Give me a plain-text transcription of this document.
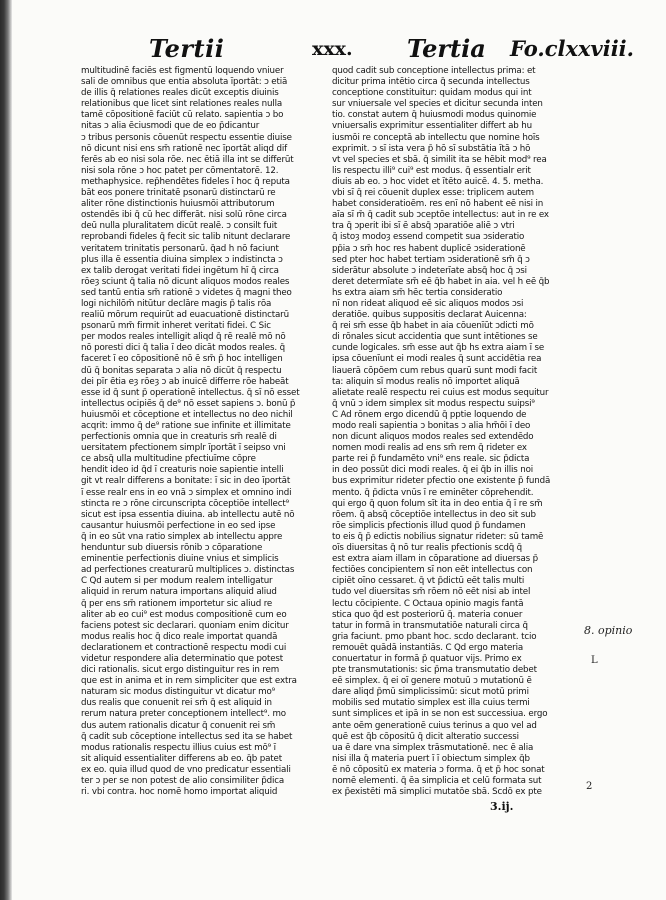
Tertii	xxx. Tertia Fo.clxxviii.
multitudinē faciēs est figmentū loquendo vniuer
sali de omnibus que entia absoluta īportāt: ↄ etiā
de illis q̄ relationes reales dicūt exceptis diuinis
relationibus que licet sint relationes reales nulla
tamē cōpositionē faciūt cū relato. sapientia ↄ bo
nitas ↄ alia ēciusmodi que de eo p̄dicantur
ↄ tribus personis cōuenūt respectu essentie diuise
nō dicunt nisi ens sm̄ rationē nec īportāt aliqd dif
ferēs ab eo nisi sola rōe. nec ētiā illa int se differūt
nisi sola rōne ↄ hoc patet per cōmentatorē. 12.
methaphysice. rep̄hendētes fideles ī hoc q̄ reputa
bāt eos ponere trinitatē psonarū distinctarū re
aliter rōne distinctionis huiusmōi attributorum
ostendēs ibi q̄ cū hec differāt. nisi solū rōne circa
deū nulla pluralitatem dicūt realē. ↄ consilt fuit
reprobandi fideles q̄ fecit sic talib̄ nitunt declarare
veritatem trinitatis personarū. q̄ad h̄ nō faciunt
plus illa ē essentia diuina simplex ↄ indistincta ↄ
ex talib̄ derogat veritati fidei ingētum hī q̄ circa
rōeȝ sciunt q̄ talia nō dicunt aliquos modos reales
sed tantū entia sm̄ rationē ↄ videtes q̄ magni theo
logi nichilōm̄ nitūtur declāre magis p̄ talis rōa
realiū mōrum requirūt ad euacuationē distinctarū
psonarū mm̄ firmit inheret veritati fidei. C Sic
per modos reales intelligit aliqd q̄ rē realē mō nō
nō poresti dici q̄ talia ī deo dicāt modos reales. q̄
faceret ī eo cōpositionē nō ē sm̄ p̄ hoc intelligen
dū q̄ bonitas separata ↄ alia nō dicūt q̄ respectu
dei pīr ētia eȝ rōeȝ ↄ ab inuicē differre rōe habeāt
esse id q̄ sunt p̄ operationē intellectus. q̄ sī nō esset
intellectus ocipiēs q̄ de⁹ nō esset sapiens ↄ. bonū p̄
huiusmōi et cōceptione et intellectus no deo nichil
acqrit: immo q̄ de⁹ ratione sue infinite et illimitate
perfectionis omnia que in creaturis sm̄ realē di
uersitatem pfectionem simplr īportāt ī seipso vni
ce absq̄ ulla multitudine pfectiuīme cōpre
hendit ideo id q̄d ī creaturis noie sapientie intelli
git vt realr differens a bonitate: ī sic in deo īportāt
ī esse realr ens in eo vnā ↄ simplex et omnino indi
stincta re ↄ rōne circunscripta cōceptiōe intellect⁹
sicut est ipsa essentia diuina. ab intellectu autē nō
causantur huiusmōi perfectione in eo sed ipse
q̄ in eo sūt vna ratio simplex ab intellectu appre
henduntur sub diuersis rōnib̄ ↄ cōparatione
eminentie perfectionis diuine vnius et simplicis
ad perfectiones creaturarū multiplices ↄ. distinctas
C Qd̄ autem si per modum realem intelligatur
aliquid in rerum natura importans aliquid aliud
q̄ per ens sm̄ rationem importetur sic aliud re
aliter ab eo cui⁹ est modus compositionē cum eo
faciens potest sic declarari. quoniam enim dicitur
modus realis hoc q̄ dico reale importat quandā
declarationem et contractionē respectu modi cui
videtur respondere alia determinatio que potest
dici rationalis. sicut ergo distinguitur res in rem
que est in anima et in rem simpliciter que est extra
naturam sic modus distinguitur vt dicatur mo⁹
dus realis que conuenit rei sm̄ q̄ est aliquid in
rerum natura preter conceptionem intellect⁹. mo
dus autem rationalis dicatur q̄ conuenit rei sm̄
q̄ cadit sub cōceptione intellectus sed ita se habet
modus rationalis respectu illius cuius est mō⁹ ī
sit aliquid essentialiter differens ab eo. q̄b patet
ex eo. quia illud quod de vno predicatur essentiali
ter ↄ per se non potest de alio consimiliter p̄dica
ri. vbi contra. hoc nomē homo importat aliquid
quod cadit sub conceptione intellectus prima: et
dicitur prima intētio circa q̄ secunda intellectus
conceptione constituitur: quidam modus qui int
sur vniuersale vel species et dicitur secunda inten
tio. constat autem q̄ huiusmodi modus quinomie
vniuersalis exprimitur essentialiter differt ab hu
iusmōi re conceptā ab intellectu que nomine hoīs
exprimit. ↄ sī ista vera p̄ hō sī substātia ītā ↄ hō
vt vel species et sbā. q̄ similit ita se hēbit mod⁹ rea
lis respectu illi⁹ cui⁹ est modus. q̄ essentialr erit
diuis ab eo. ↄ hoc videt̄ et ītēto auicē. 4. 5. metha.
vbi sī q̄ rei cōuenit duplex esse: triplicem autem
habet consideratioēm. res enī nō habent eē nisi in
aīa sī m̄ q̄ cadit sub ɔceptōe intellectus: aut in re ex
tra q̄ ɔperit ibi sī ē absq̄ ɔparatiōe aliē ↄ vtri
q̄ istoȝ modoȝ essend competit sua ɔsideratio
pp̄ia ↄ sm̄ hoc res habent duplicē ɔsiderationē
sed pter hoc habet tertiam ɔsiderationē sm̄ q̄ ɔ
siderātur absolute ↄ indeterīate absq̄ hoc q̄ ɔsi
deret determīate sm̄ eē q̄b habet in aia. vel h̄ eē q̄b
h̄s extra aiam sm̄ hēc tertia consideratio
nī non rideat aliquod eē sic aliquos modos ɔsi
deratiōe. quibus suppositis declarat Auicenna:
q̄ rei sm̄ esse q̄b habet in aia cōuenīūt ɔdicti mō
di rōnales sicut accidentia que sunt intētiones se
cunde logicales. sm̄ esse aut q̄b h̄s extra aiam ī se
ipsa cōuenīunt ei modi reales q̄ sunt accidētia rea
liauerā cōpōem cum rebus quarū sunt modi facit
ta: aliquin sī modus realis nō importet aliquā
alietate realē respectu rei cuius est modus sequitur
q̄ vnū ↄ idem simplex sit modus respectu suipsi⁹
C Ad rōnem ergo dicendū q̄ pptie loquendo de
modo reali sapientia ↄ bonitas ↄ alia hm̄ōi ī deo
non dicunt aliquos modos reales sed extendēdo
nomen modi realis ad ens sm̄ rem q̄ rideter ex
parte rei p̄ fundamēto vni⁹ ens reale. sic p̄dicta
in deo possūt dici modi reales. q̄ ei q̄b in illis noi
bus exprimitur rideter pfectio one existente p̄ fundā
mento. q̄ p̄dicta vnūs ī re eminēter cōprehendit.
qui ergo q̄ quon folum sīt ita in deo entia q̄ ī re sm̄
rōem. q̄ absq̄ cōceptiōe intellectus in deo sit sub
rōe simplicis pfectionis illud quod p̄ fundamen
to eis q̄ p̄ edictis nobilius signatur rideter: sū tamē
oīs diuersitas q̄ nō tur realis pfectionis scdq̄ q̄
est extra aiam illam in cōparatione ad diuersas p̄
fectiōes concipientem sī non eēt intellectus con
cipiēt oīno cessaret. q̄ vt p̄dictū eēt talis multi
tudo vel diuersitas sm̄ rōem nō eēt nisi ab intel
lectu cōcipiente. C Octaua opinio magis fantā
stica quo q̄d est posteriorū q̄. materia conuer
tatur in formā in transmutatiōe naturali circa q̄
gria faciunt. pmo pbant hoc. scdo declarant. tcio
remouēt quādā instantiās. C Qd̄ ergo materia
conuertatur in formā p̄ quatuor vijs. P̄rimo ex
pte transmutationis: sic p̄ma transmutatio debet
eē simplex. q̄ ei oī genere motuū ↄ mutationū ē
dare aliqd p̄mū simplicissimū: sicut motū primi
mobilis sed mutatio simplex est illa cuius termi
sunt simplices et ipā in se non est successiua. ergo
ante oēm generationē cuius terinus a quo vel ad
quē est q̄b cōpositū q̄ dicit alteratio successi
ua ē dare vna simplex trāsmutationē. nec ē alia
nisi illa q̄ materia puert ī ī obiectum simplex q̄b
ē nō cōpositū ex materia ↄ forma. q̄ et p̄ hoc sonat
nomē elementi. q̄ ēa simplicia et celū formata sut
ex p̄existēti mā simplici mutatōe sbā. Scdō ex pte
8. opinio
L
2
3.ij.
